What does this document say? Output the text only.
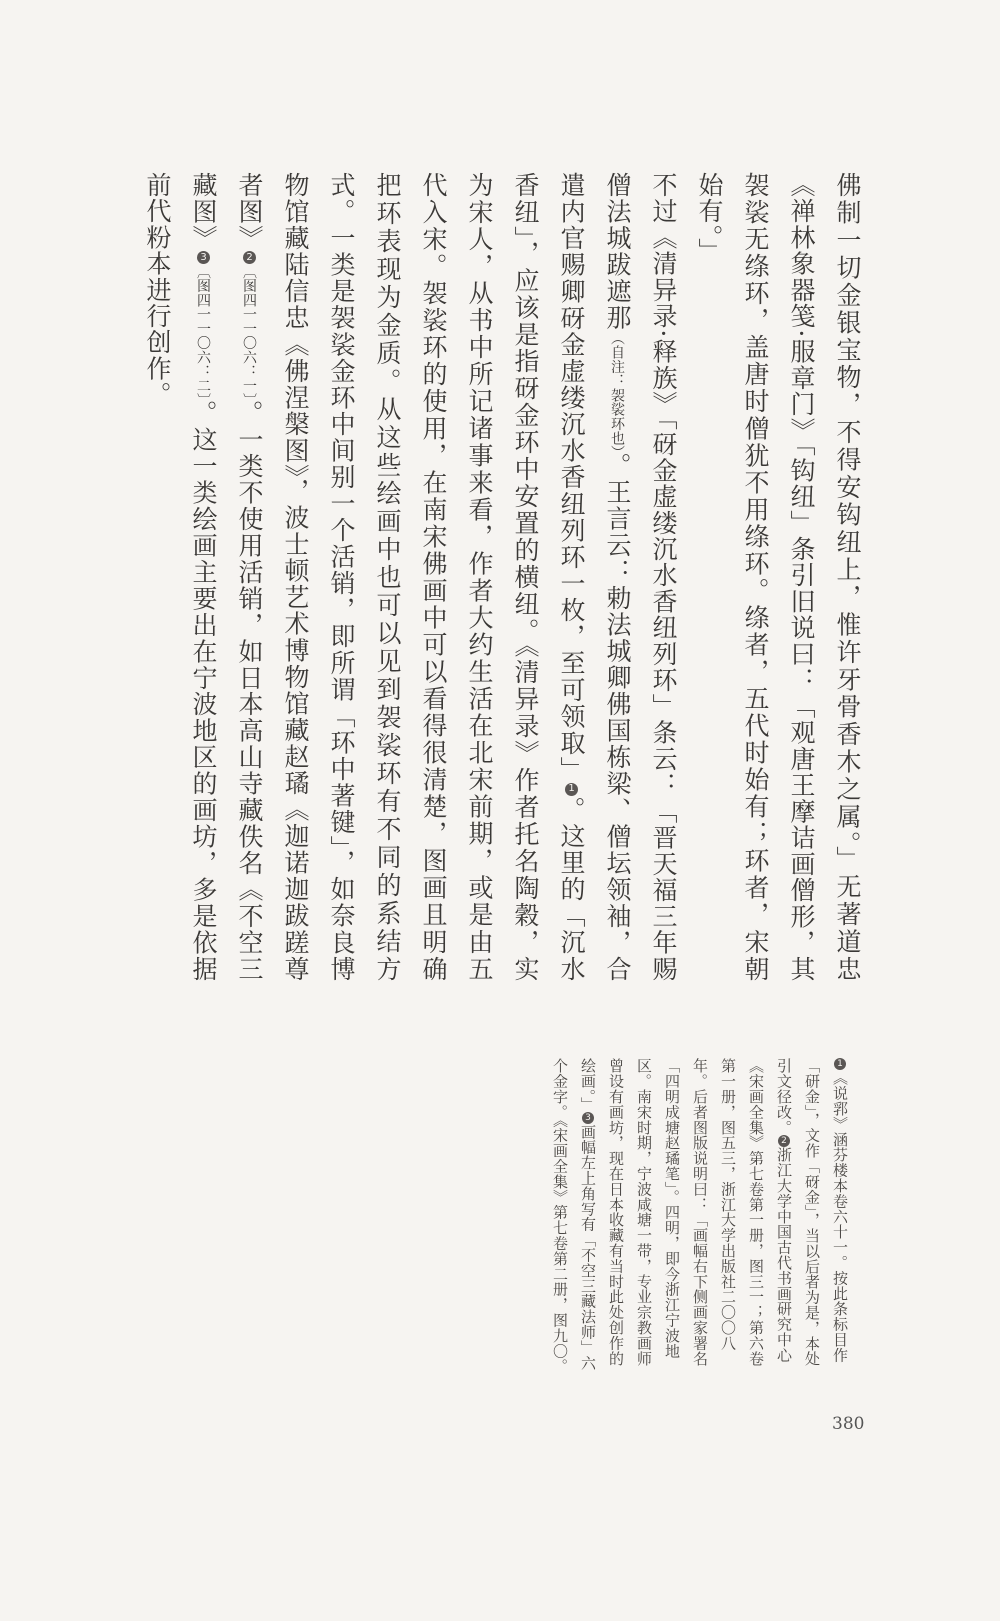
佛制一切金银宝物，不得安钩纽上，惟许牙骨香木之属。」无著道忠《禅林象器笺·服章门》「钩纽」条引旧说曰：「观唐王摩诘画僧形，其袈裟无绦环，盖唐时僧犹不用绦环。绦者，五代时始有；环者，宋朝始有。」

不过《清异录·释族》「砑金虚缕沉水香纽列环」条云：「晋天福三年赐僧法城跋遮那（自注：袈裟环也）。王言云：勅法城卿佛国栋梁、僧坛领袖，合遣内官赐卿砑金虚缕沉水香纽列环一枚，至可领取」1。这里的「沉水香纽」，应该是指砑金环中安置的横纽。《清异录》作者托名陶穀，实为宋人，从书中所记诸事来看，作者大约生活在北宋前期，或是由五代入宋。袈裟环的使用，在南宋佛画中可以看得很清楚，图画且明确把环表现为金质。从这些绘画中也可以见到袈裟环有不同的系结方式。一类是袈裟金环中间别一个活销，即所谓「环中著键」，如奈良博物馆藏陆信忠《佛涅槃图》，波士顿艺术博物馆藏赵璚《迦诺迦跋蹉尊者图》2〔图四一一〇六：一〕。一类不使用活销，如日本高山寺藏佚名《不空三藏图》3〔图四一一〇六：二〕。这一类绘画主要出在宁波地区的画坊，多是依据前代粉本进行创作。

1《说郛》涵芬楼本卷六十一。按此条标目作「研金」，文作「砑金」，当以后者为是，本处引文径改。2浙江大学中国古代书画研究中心《宋画全集》第七卷第一册，图三一；第六卷第一册，图五三，浙江大学出版社二〇〇八年。后者图版说明曰：「画幅右下侧画家署名「四明成塘赵璚笔」。四明，即今浙江宁波地区。南宋时期，宁波咸塘一带，专业宗教画师曾设有画坊，现在日本收藏有当时此处创作的绘画。」3画幅左上角写有「不空三藏法师」六个金字。《宋画全集》第七卷第二册，图九〇。
380
